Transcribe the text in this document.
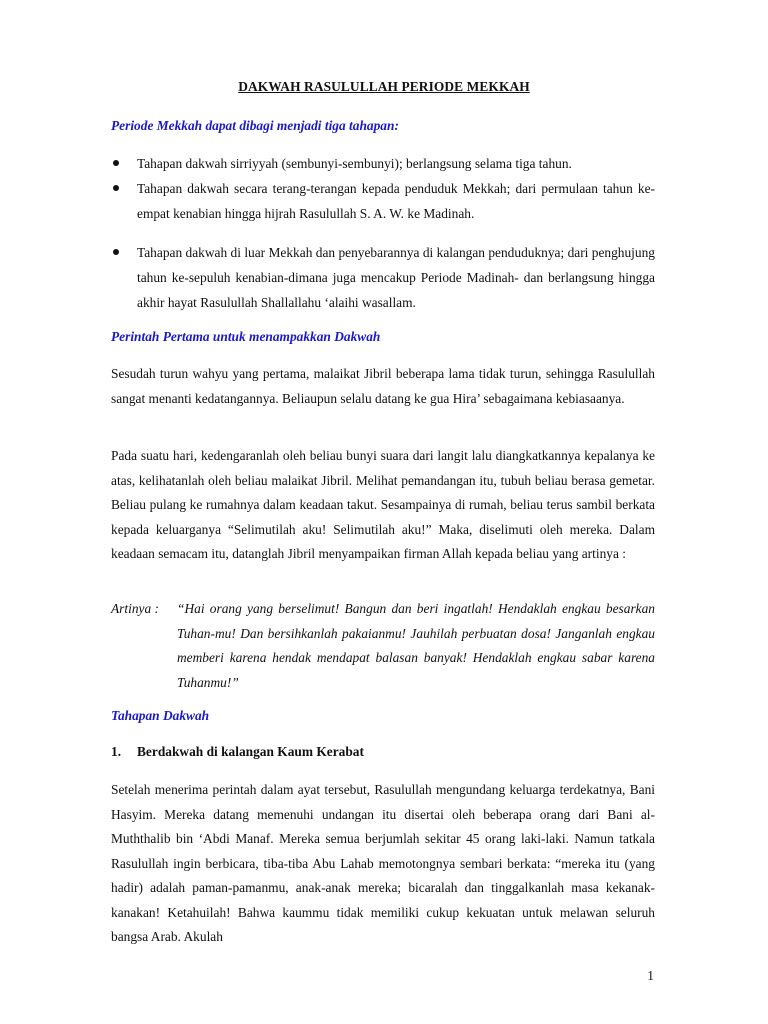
DAKWAH RASULULLAH PERIODE MEKKAH
Periode Mekkah dapat dibagi menjadi tiga tahapan:
Tahapan dakwah sirriyyah (sembunyi-sembunyi); berlangsung selama tiga tahun.
Tahapan dakwah secara terang-terangan kepada penduduk Mekkah; dari permulaan tahun ke-empat kenabian hingga hijrah Rasulullah S. A. W. ke Madinah.
Tahapan dakwah di luar Mekkah dan penyebarannya di kalangan penduduknya; dari penghujung tahun ke-sepuluh kenabian-dimana juga mencakup Periode Madinah- dan berlangsung hingga akhir hayat Rasulullah Shallallahu ‘alaihi wasallam.
Perintah Pertama untuk menampakkan Dakwah

Sesudah turun wahyu yang pertama, malaikat Jibril beberapa lama tidak turun, sehingga Rasulullah sangat menanti kedatangannya. Beliaupun selalu datang ke gua Hira’ sebagaimana kebiasaanya.

Pada suatu hari, kedengaranlah oleh beliau bunyi suara dari langit lalu diangkatkannya kepalanya ke atas, kelihatanlah oleh beliau malaikat Jibril. Melihat pemandangan itu, tubuh beliau berasa gemetar. Beliau pulang ke rumahnya dalam keadaan takut. Sesampainya di rumah, beliau terus sambil berkata kepada keluarganya “Selimutilah aku! Selimutilah aku!” Maka, diselimuti oleh mereka. Dalam keadaan semacam itu, datanglah Jibril menyampaikan firman Allah kepada beliau yang artinya :

Artinya : “Hai orang yang berselimut! Bangun dan beri ingatlah! Hendaklah engkau besarkan Tuhan-mu! Dan bersihkanlah pakaianmu! Jauhilah perbuatan dosa! Janganlah engkau memberi karena hendak mendapat balasan banyak! Hendaklah engkau sabar karena Tuhanmu!”
Tahapan Dakwah
1. Berdakwah di kalangan Kaum Kerabat

Setelah menerima perintah dalam ayat tersebut, Rasulullah mengundang keluarga terdekatnya, Bani Hasyim. Mereka datang memenuhi undangan itu disertai oleh beberapa orang dari Bani al-Muththalib bin ‘Abdi Manaf. Mereka semua berjumlah sekitar 45 orang laki-laki. Namun tatkala Rasulullah ingin berbicara, tiba-tiba Abu Lahab memotongnya sembari berkata: “mereka itu (yang hadir) adalah paman-pamanmu, anak-anak mereka; bicaralah dan tinggalkanlah masa kekanak-kanakan! Ketahuilah! Bahwa kaummu tidak memiliki cukup kekuatan untuk melawan seluruh bangsa Arab. Akulah

1
